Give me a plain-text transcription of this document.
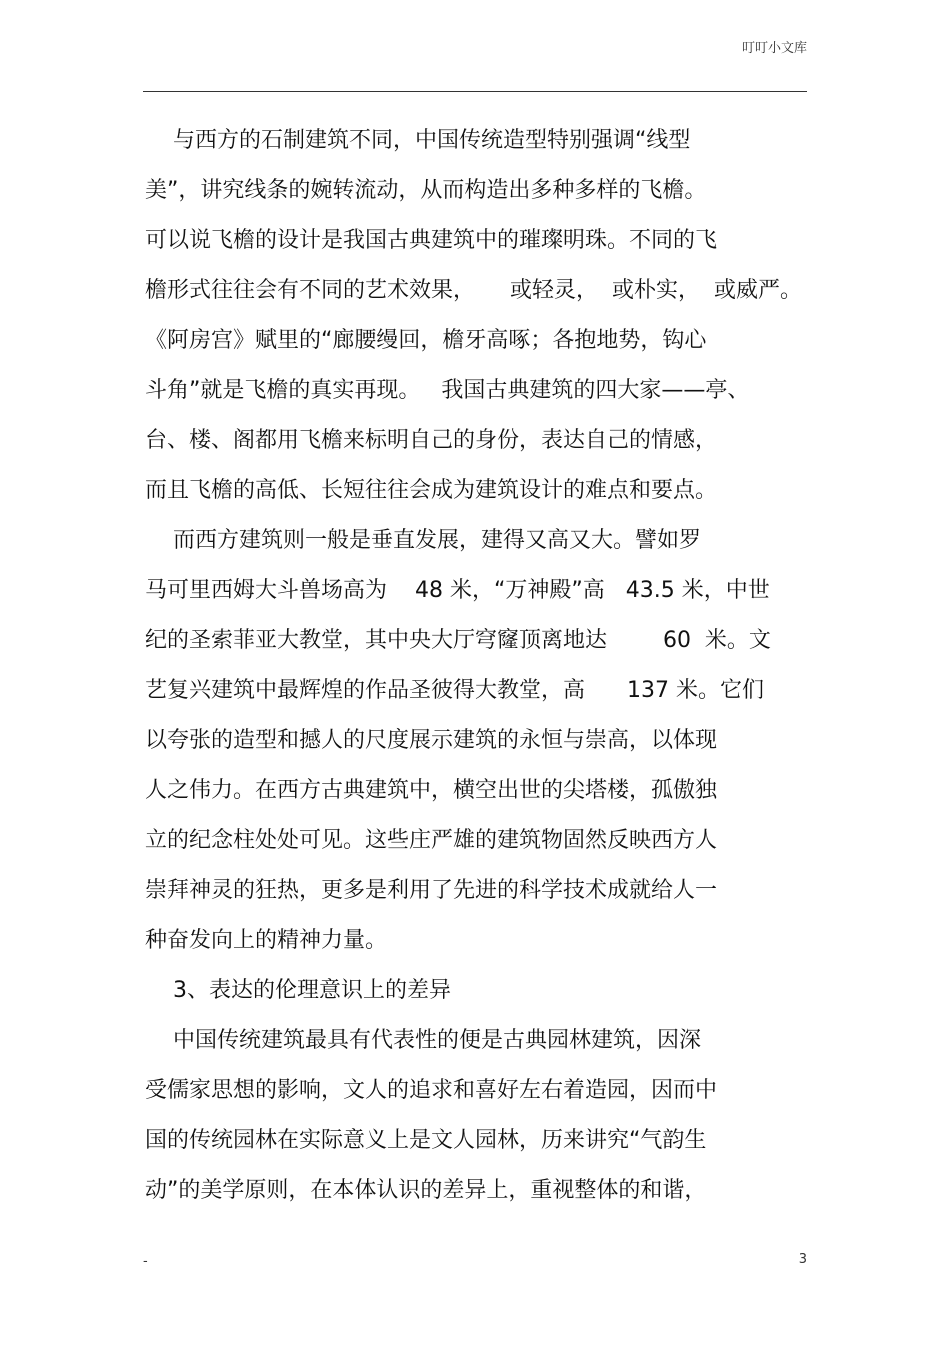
叮叮小文库
与西方的石制建筑不同，中国传统造型特别强调“线型
美”，讲究线条的婉转流动，从而构造出多种多样的飞檐。
可以说飞檐的设计是我国古典建筑中的璀璨明珠。不同的飞
檐形式往往会有不同的艺术效果，     或轻灵，  或朴实，  或威严。
《阿房宫》赋里的“廊腰缦回，檐牙高啄；各抱地势，钩心
斗角”就是飞檐的真实再现。   我国古典建筑的四大家——亭、
台、楼、阁都用飞檐来标明自己的身份，表达自己的情感，
而且飞檐的高低、长短往往会成为建筑设计的难点和要点。
而西方建筑则一般是垂直发展，建得又高又大。譬如罗
马可里西姆大斗兽场高为    48 米，“万神殿”高   43.5 米，中世
纪的圣索菲亚大教堂，其中央大厅穹窿顶离地达        60  米。文
艺复兴建筑中最辉煌的作品圣彼得大教堂，高      137 米。它们
以夸张的造型和撼人的尺度展示建筑的永恒与崇高，以体现
人之伟力。在西方古典建筑中，横空出世的尖塔楼，孤傲独
立的纪念柱处处可见。这些庄严雄的建筑物固然反映西方人
崇拜神灵的狂热，更多是利用了先进的科学技术成就给人一
种奋发向上的精神力量。
3、表达的伦理意识上的差异
中国传统建筑最具有代表性的便是古典园林建筑，因深
受儒家思想的影响，文人的追求和喜好左右着造园，因而中
国的传统园林在实际意义上是文人园林，历来讲究“气韵生
动”的美学原则，在本体认识的差异上，重视整体的和谐，
-	3
